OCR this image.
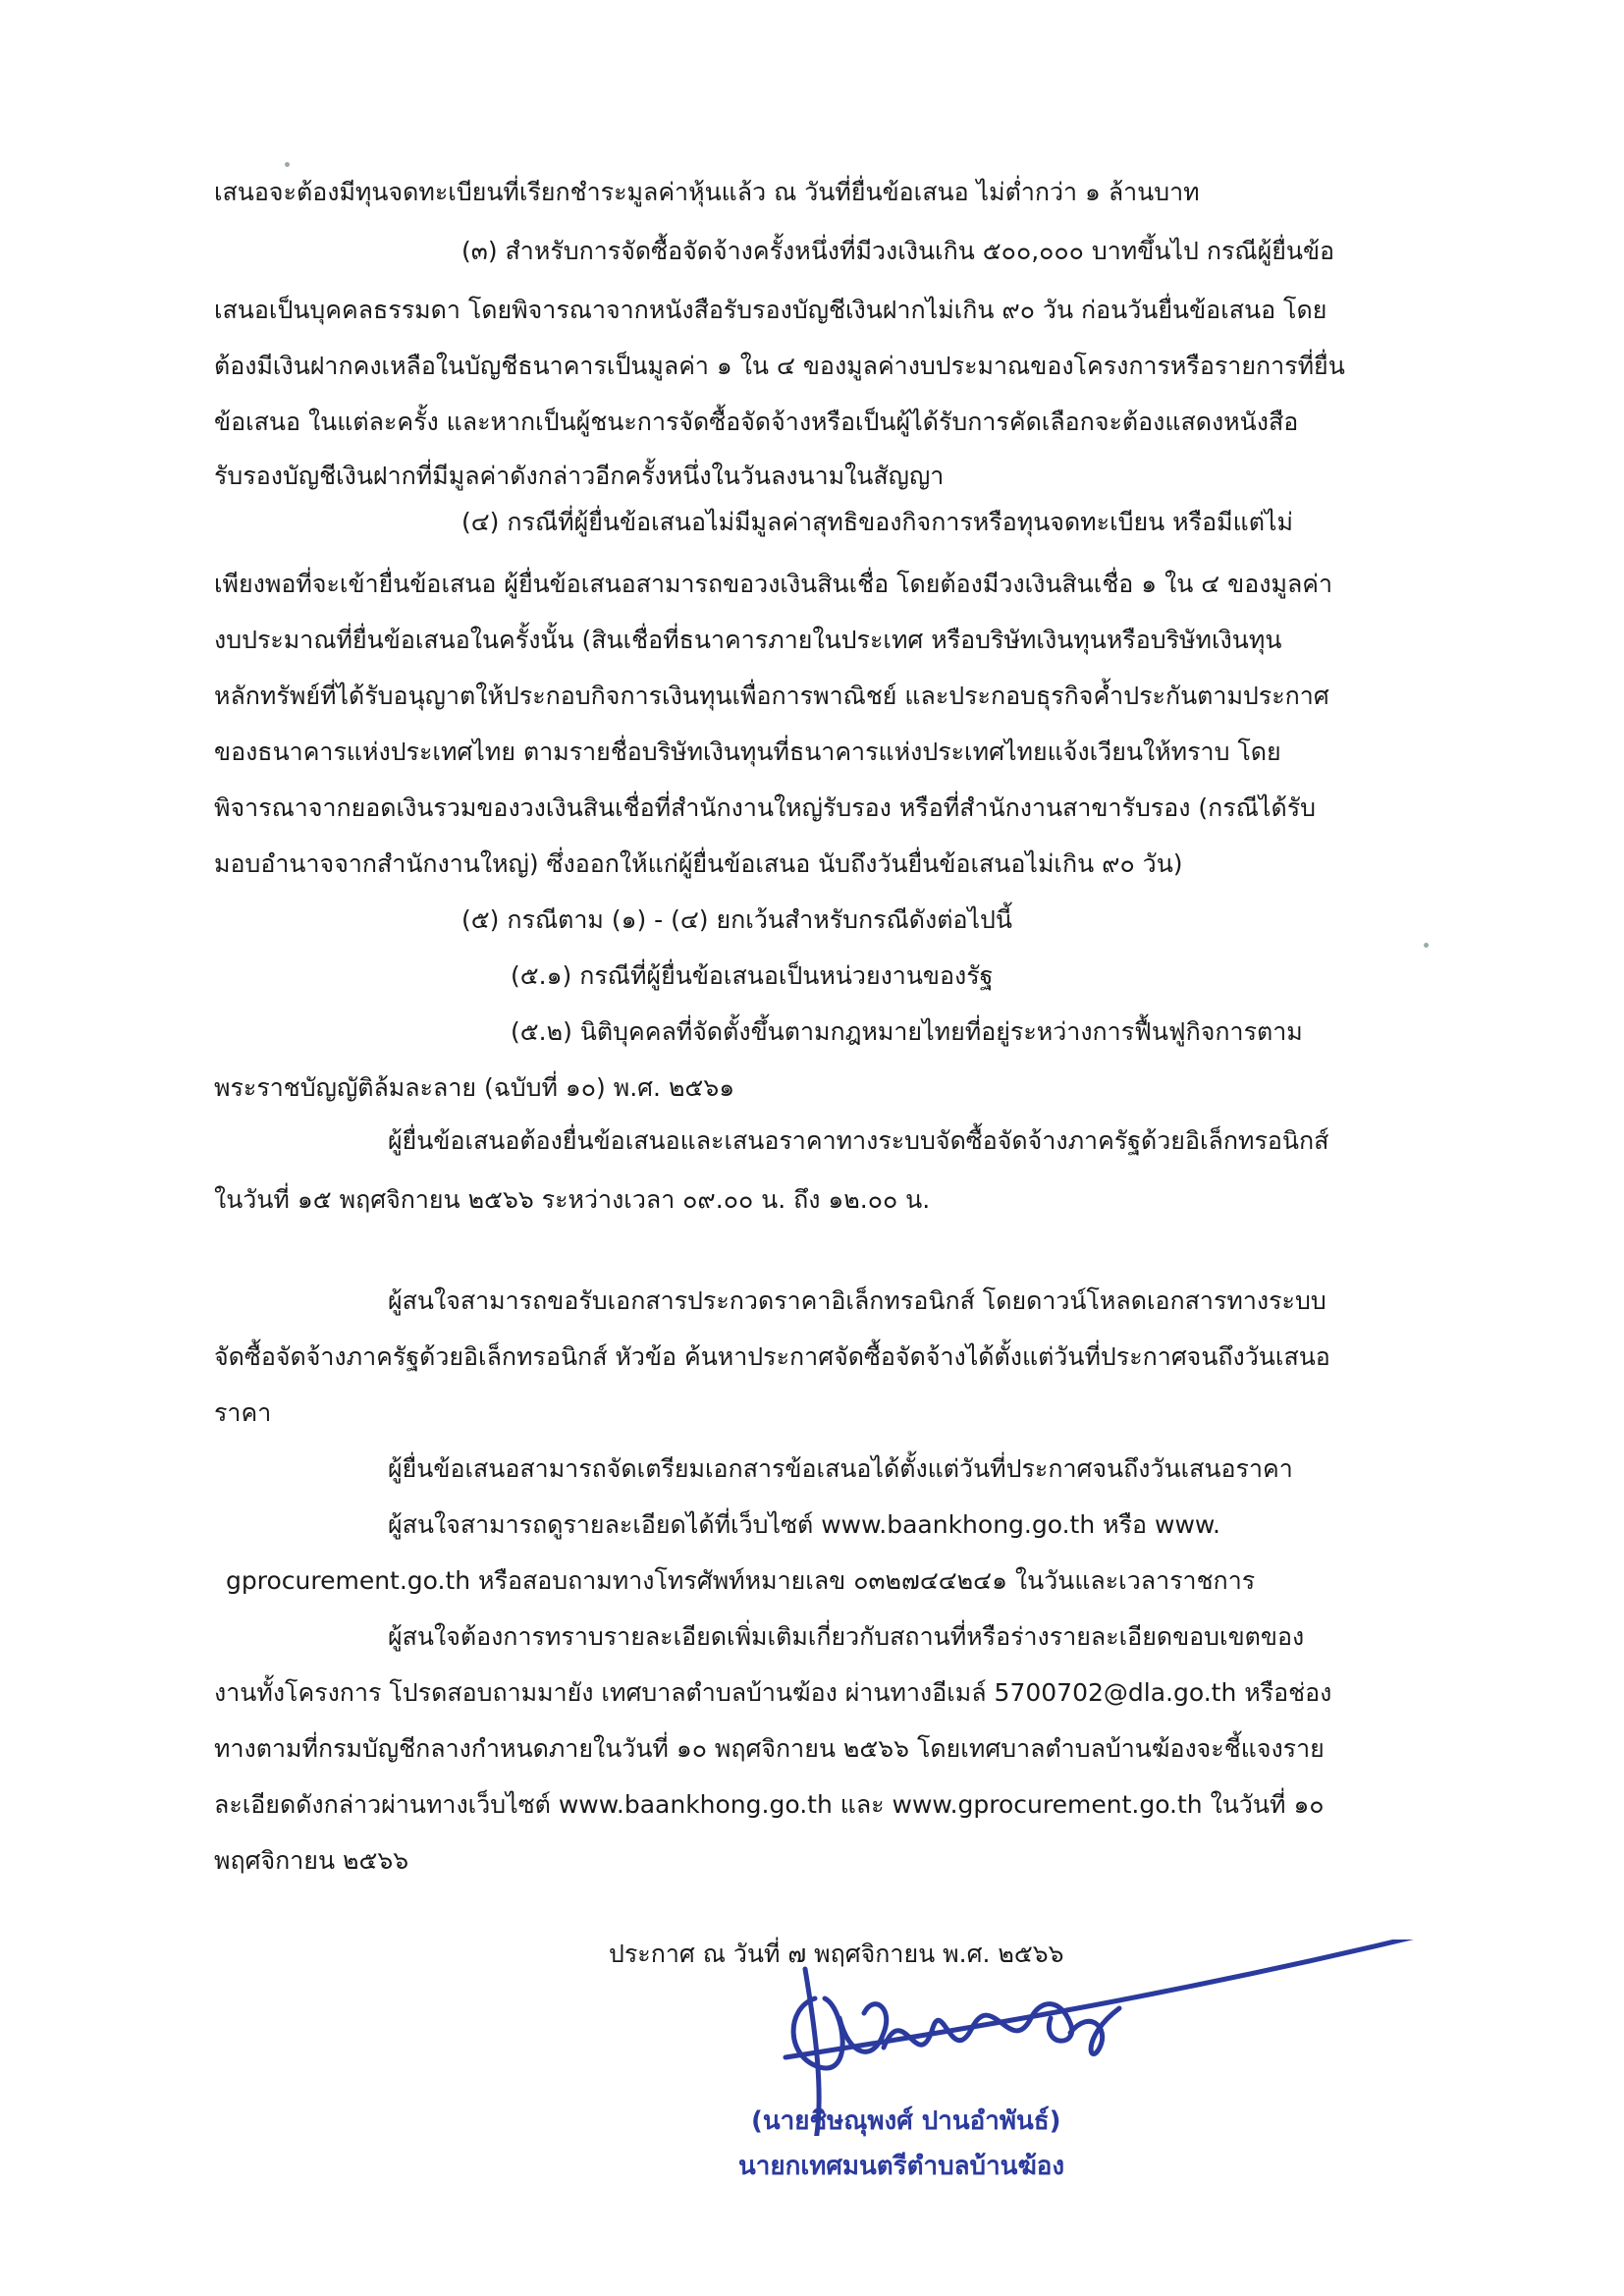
เสนอจะต้องมีทุนจดทะเบียนที่เรียกชำระมูลค่าหุ้นแล้ว ณ วันที่ยื่นข้อเสนอ ไม่ต่ำกว่า ๑ ล้านบาท
(๓) สำหรับการจัดซื้อจัดจ้างครั้งหนึ่งที่มีวงเงินเกิน ๕๐๐,๐๐๐ บาทขึ้นไป กรณีผู้ยื่นข้อ
เสนอเป็นบุคคลธรรมดา โดยพิจารณาจากหนังสือรับรองบัญชีเงินฝากไม่เกิน ๙๐ วัน ก่อนวันยื่นข้อเสนอ โดย
ต้องมีเงินฝากคงเหลือในบัญชีธนาคารเป็นมูลค่า ๑ ใน ๔ ของมูลค่างบประมาณของโครงการหรือรายการที่ยื่น
ข้อเสนอ ในแต่ละครั้ง และหากเป็นผู้ชนะการจัดซื้อจัดจ้างหรือเป็นผู้ได้รับการคัดเลือกจะต้องแสดงหนังสือ
รับรองบัญชีเงินฝากที่มีมูลค่าดังกล่าวอีกครั้งหนึ่งในวันลงนามในสัญญา
(๔) กรณีที่ผู้ยื่นข้อเสนอไม่มีมูลค่าสุทธิของกิจการหรือทุนจดทะเบียน หรือมีแต่ไม่
เพียงพอที่จะเข้ายื่นข้อเสนอ ผู้ยื่นข้อเสนอสามารถขอวงเงินสินเชื่อ โดยต้องมีวงเงินสินเชื่อ ๑ ใน ๔ ของมูลค่า
งบประมาณที่ยื่นข้อเสนอในครั้งนั้น (สินเชื่อที่ธนาคารภายในประเทศ หรือบริษัทเงินทุนหรือบริษัทเงินทุน
หลักทรัพย์ที่ได้รับอนุญาตให้ประกอบกิจการเงินทุนเพื่อการพาณิชย์ และประกอบธุรกิจค้ำประกันตามประกาศ
ของธนาคารแห่งประเทศไทย ตามรายชื่อบริษัทเงินทุนที่ธนาคารแห่งประเทศไทยแจ้งเวียนให้ทราบ โดย
พิจารณาจากยอดเงินรวมของวงเงินสินเชื่อที่สำนักงานใหญ่รับรอง หรือที่สำนักงานสาขารับรอง (กรณีได้รับ
มอบอำนาจจากสำนักงานใหญ่) ซึ่งออกให้แก่ผู้ยื่นข้อเสนอ นับถึงวันยื่นข้อเสนอไม่เกิน ๙๐ วัน)
(๕) กรณีตาม (๑) - (๔) ยกเว้นสำหรับกรณีดังต่อไปนี้
(๕.๑) กรณีที่ผู้ยื่นข้อเสนอเป็นหน่วยงานของรัฐ
(๕.๒) นิติบุคคลที่จัดตั้งขึ้นตามกฎหมายไทยที่อยู่ระหว่างการฟื้นฟูกิจการตาม
พระราชบัญญัติล้มละลาย (ฉบับที่ ๑๐) พ.ศ. ๒๕๖๑
ผู้ยื่นข้อเสนอต้องยื่นข้อเสนอและเสนอราคาทางระบบจัดซื้อจัดจ้างภาครัฐด้วยอิเล็กทรอนิกส์
ในวันที่ ๑๕ พฤศจิกายน ๒๕๖๖ ระหว่างเวลา ๐๙.๐๐ น. ถึง ๑๒.๐๐ น.
ผู้สนใจสามารถขอรับเอกสารประกวดราคาอิเล็กทรอนิกส์ โดยดาวน์โหลดเอกสารทางระบบ
จัดซื้อจัดจ้างภาครัฐด้วยอิเล็กทรอนิกส์ หัวข้อ ค้นหาประกาศจัดซื้อจัดจ้างได้ตั้งแต่วันที่ประกาศจนถึงวันเสนอ
ราคา
ผู้ยื่นข้อเสนอสามารถจัดเตรียมเอกสารข้อเสนอได้ตั้งแต่วันที่ประกาศจนถึงวันเสนอราคา
ผู้สนใจสามารถดูรายละเอียดได้ที่เว็บไซต์ www.baankhong.go.th หรือ www.
gprocurement.go.th หรือสอบถามทางโทรศัพท์หมายเลข ๐๓๒๗๔๔๒๔๑ ในวันและเวลาราชการ
ผู้สนใจต้องการทราบรายละเอียดเพิ่มเติมเกี่ยวกับสถานที่หรือร่างรายละเอียดขอบเขตของ
งานทั้งโครงการ โปรดสอบถามมายัง เทศบาลตำบลบ้านฆ้อง ผ่านทางอีเมล์ 5700702@dla.go.th หรือช่อง
ทางตามที่กรมบัญชีกลางกำหนดภายในวันที่ ๑๐ พฤศจิกายน ๒๕๖๖ โดยเทศบาลตำบลบ้านฆ้องจะชี้แจงราย
ละเอียดดังกล่าวผ่านทางเว็บไซต์ www.baankhong.go.th และ www.gprocurement.go.th ในวันที่ ๑๐
พฤศจิกายน ๒๕๖๖
ประกาศ ณ วันที่ ๗ พฤศจิกายน พ.ศ. ๒๕๖๖
(นายชิษณุพงศ์ ปานอำพันธ์)
นายกเทศมนตรีตำบลบ้านฆ้อง
